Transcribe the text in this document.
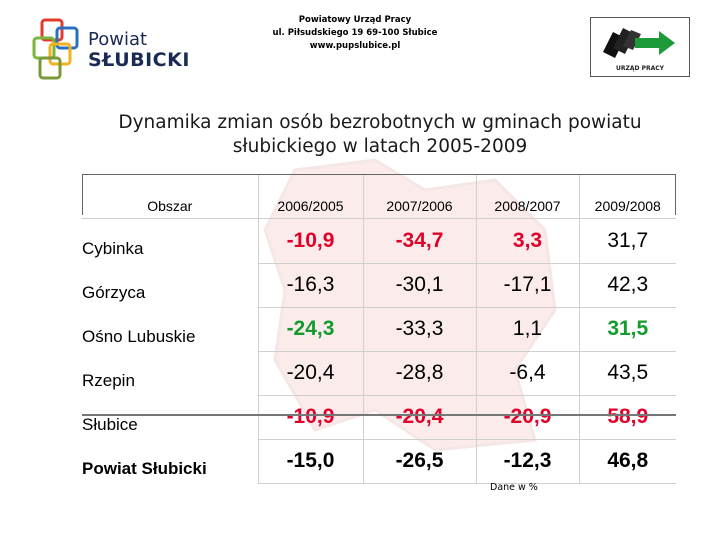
Powiat
SŁUBICKI
Powiatowy Urząd Pracy
ul. Piłsudskiego 19 69-100 Słubice
www.pupslubice.pl
URZĄD PRACY
Dynamika zmian osób bezrobotnych w gminach powiatu
słubickiego w latach 2005-2009
Obszar	2006/2005	2007/2006	2008/2007	2009/2008
Cybinka	-10,9	-34,7	3,3	31,7
Górzyca	-16,3	-30,1	-17,1	42,3
Ośno Lubuskie	-24,3	-33,3	1,1	31,5
Rzepin	-20,4	-28,8	-6,4	43,5
Słubice	-10,9	-20,4	-20,9	58,9
Powiat Słubicki	-15,0	-26,5	-12,3	46,8
Dane w %
